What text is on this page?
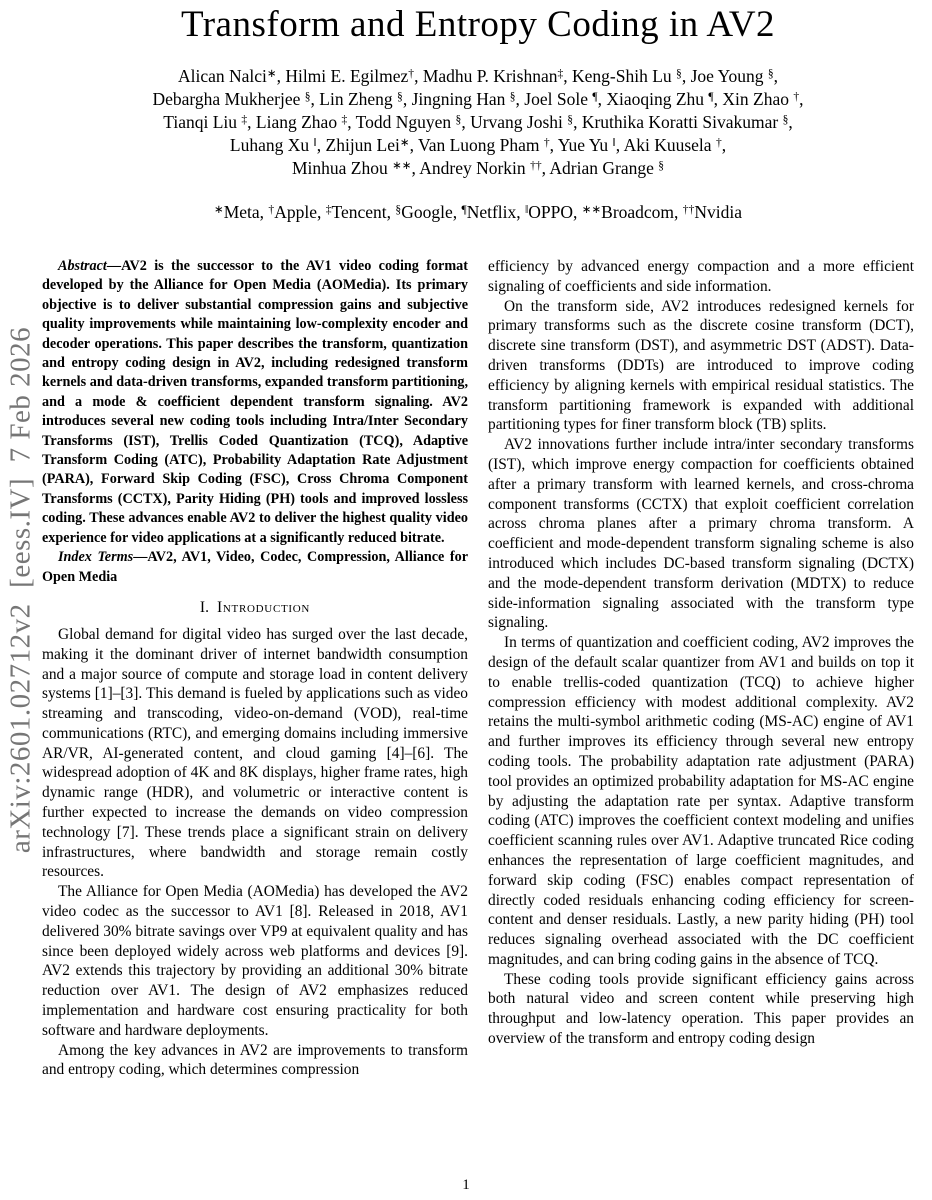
arXiv:2601.02712v2  [eess.IV]  7 Feb 2026
Transform and Entropy Coding in AV2
Alican Nalci∗, Hilmi E. Egilmez†, Madhu P. Krishnan‡, Keng-Shih Lu §, Joe Young §,
Debargha Mukherjee §, Lin Zheng §, Jingning Han §, Joel Sole ¶, Xiaoqing Zhu ¶, Xin Zhao †,
Tianqi Liu ‡, Liang Zhao ‡, Todd Nguyen §, Urvang Joshi §, Kruthika Koratti Sivakumar §,
Luhang Xu ‖, Zhijun Lei∗, Van Luong Pham †, Yue Yu ‖, Aki Kuusela †,
Minhua Zhou ∗∗, Andrey Norkin ††, Adrian Grange §
∗Meta, †Apple, ‡Tencent, §Google, ¶Netflix, ‖OPPO, ∗∗Broadcom, ††Nvidia

Abstract—AV2 is the successor to the AV1 video coding format developed by the Alliance for Open Media (AOMedia). Its primary objective is to deliver substantial compression gains and subjective quality improvements while maintaining low-complexity encoder and decoder operations. This paper describes the transform, quantization and entropy coding design in AV2, including redesigned transform kernels and data-driven transforms, expanded transform partitioning, and a mode & coefficient dependent transform signaling. AV2 introduces several new coding tools including Intra/Inter Secondary Transforms (IST), Trellis Coded Quantization (TCQ), Adaptive Transform Coding (ATC), Probability Adaptation Rate Adjustment (PARA), Forward Skip Coding (FSC), Cross Chroma Component Transforms (CCTX), Parity Hiding (PH) tools and improved lossless coding. These advances enable AV2 to deliver the highest quality video experience for video applications at a significantly reduced bitrate.

Index Terms—AV2, AV1, Video, Codec, Compression, Alliance for Open Media

I. Introduction

Global demand for digital video has surged over the last decade, making it the dominant driver of internet bandwidth consumption and a major source of compute and storage load in content delivery systems [1]–[3]. This demand is fueled by applications such as video streaming and transcoding, video-on-demand (VOD), real-time communications (RTC), and emerging domains including immersive AR/VR, AI-generated content, and cloud gaming [4]–[6]. The widespread adoption of 4K and 8K displays, higher frame rates, high dynamic range (HDR), and volumetric or interactive content is further expected to increase the demands on video compression technology [7]. These trends place a significant strain on delivery infrastructures, where bandwidth and storage remain costly resources.

The Alliance for Open Media (AOMedia) has developed the AV2 video codec as the successor to AV1 [8]. Released in 2018, AV1 delivered 30% bitrate savings over VP9 at equivalent quality and has since been deployed widely across web platforms and devices [9]. AV2 extends this trajectory by providing an additional 30% bitrate reduction over AV1. The design of AV2 emphasizes reduced implementation and hardware cost ensuring practicality for both software and hardware deployments.

Among the key advances in AV2 are improvements to transform and entropy coding, which determines compression

efficiency by advanced energy compaction and a more efficient signaling of coefficients and side information.

On the transform side, AV2 introduces redesigned kernels for primary transforms such as the discrete cosine transform (DCT), discrete sine transform (DST), and asymmetric DST (ADST). Data-driven transforms (DDTs) are introduced to improve coding efficiency by aligning kernels with empirical residual statistics. The transform partitioning framework is expanded with additional partitioning types for finer transform block (TB) splits.

AV2 innovations further include intra/inter secondary transforms (IST), which improve energy compaction for coefficients obtained after a primary transform with learned kernels, and cross-chroma component transforms (CCTX) that exploit coefficient correlation across chroma planes after a primary chroma transform. A coefficient and mode-dependent transform signaling scheme is also introduced which includes DC-based transform signaling (DCTX) and the mode-dependent transform derivation (MDTX) to reduce side-information signaling associated with the transform type signaling.

In terms of quantization and coefficient coding, AV2 improves the design of the default scalar quantizer from AV1 and builds on top it to enable trellis-coded quantization (TCQ) to achieve higher compression efficiency with modest additional complexity. AV2 retains the multi-symbol arithmetic coding (MS-AC) engine of AV1 and further improves its efficiency through several new entropy coding tools. The probability adaptation rate adjustment (PARA) tool provides an optimized probability adaptation for MS-AC engine by adjusting the adaptation rate per syntax. Adaptive transform coding (ATC) improves the coefficient context modeling and unifies coefficient scanning rules over AV1. Adaptive truncated Rice coding enhances the representation of large coefficient magnitudes, and forward skip coding (FSC) enables compact representation of directly coded residuals enhancing coding efficiency for screen-content and denser residuals. Lastly, a new parity hiding (PH) tool reduces signaling overhead associated with the DC coefficient magnitudes, and can bring coding gains in the absence of TCQ.

These coding tools provide significant efficiency gains across both natural video and screen content while preserving high throughput and low-latency operation. This paper provides an overview of the transform and entropy coding design

1
